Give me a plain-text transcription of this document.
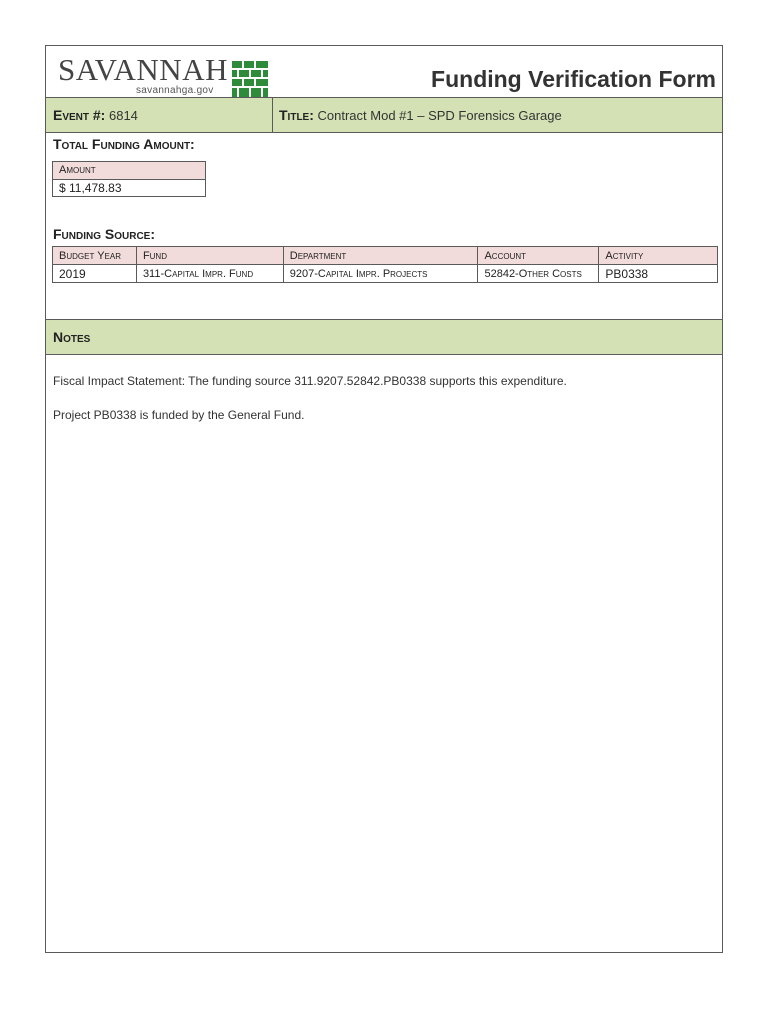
SAVANNAH
savannahga.gov	Funding Verification Form
Event #: 6814	Title: Contract Mod #1 – SPD Forensics Garage
Total Funding Amount:
Amount
$ 11,478.83
Funding Source:
Budget Year	Fund	Department	Account	Activity
2019	311-Capital Impr. Fund	9207-Capital Impr. Projects	52842-Other Costs	PB0338
Notes
Fiscal Impact Statement: The funding source 311.9207.52842.PB0338 supports this expenditure.
Project PB0338 is funded by the General Fund.
